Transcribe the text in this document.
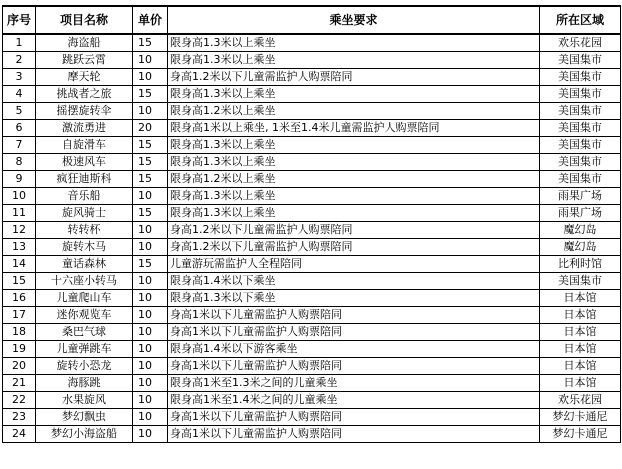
序号	项目名称	单价	乘坐要求	所在区域
1	海盗船	15	限身高1.3米以上乘坐	欢乐花园
2	跳跃云霄	10	限身高1.3米以上乘坐	美国集市
3	摩天轮	10	身高1.2米以下儿童需监护人购票陪同	美国集市
4	挑战者之旅	15	限身高1.3米以上乘坐	美国集市
5	摇摆旋转伞	10	限身高1.2米以上乘坐	美国集市
6	激流勇进	20	限身高1米以上乘坐, 1米至1.4米儿童需监护人购票陪同	美国集市
7	自旋滑车	15	限身高1.3米以上乘坐	美国集市
8	极速风车	15	限身高1.3米以上乘坐	美国集市
9	疯狂迪斯科	15	限身高1.2米以上乘坐	美国集市
10	音乐船	10	限身高1.3米以上乘坐	雨果广场
11	旋风骑士	15	限身高1.3米以上乘坐	雨果广场
12	转转杯	10	身高1.2米以下儿童需监护人购票陪同	魔幻岛
13	旋转木马	10	身高1.2米以下儿童需监护人购票陪同	魔幻岛
14	童话森林	15	儿童游玩需监护人全程陪同	比利时馆
15	十六座小转马	10	限身高1.4米以下乘坐	美国集市
16	儿童爬山车	10	限身高1.3米以下乘坐	日本馆
17	迷你观览车	10	身高1米以下儿童需监护人购票陪同	日本馆
18	桑巴气球	10	身高1米以下儿童需监护人购票陪同	日本馆
19	儿童弹跳车	10	限身高1.4米以下游客乘坐	日本馆
20	旋转小恐龙	10	身高1米以下儿童需监护人购票陪同	日本馆
21	海豚跳	10	限身高1米至1.3米之间的儿童乘坐	日本馆
22	水果旋风	10	限身高1米至1.4米之间的儿童乘坐	欢乐花园
23	梦幻飘虫	10	身高1米以下儿童需监护人购票陪同	梦幻卡通尼
24	梦幻小海盗船	10	身高1米以下儿童需监护人购票陪同	梦幻卡通尼
